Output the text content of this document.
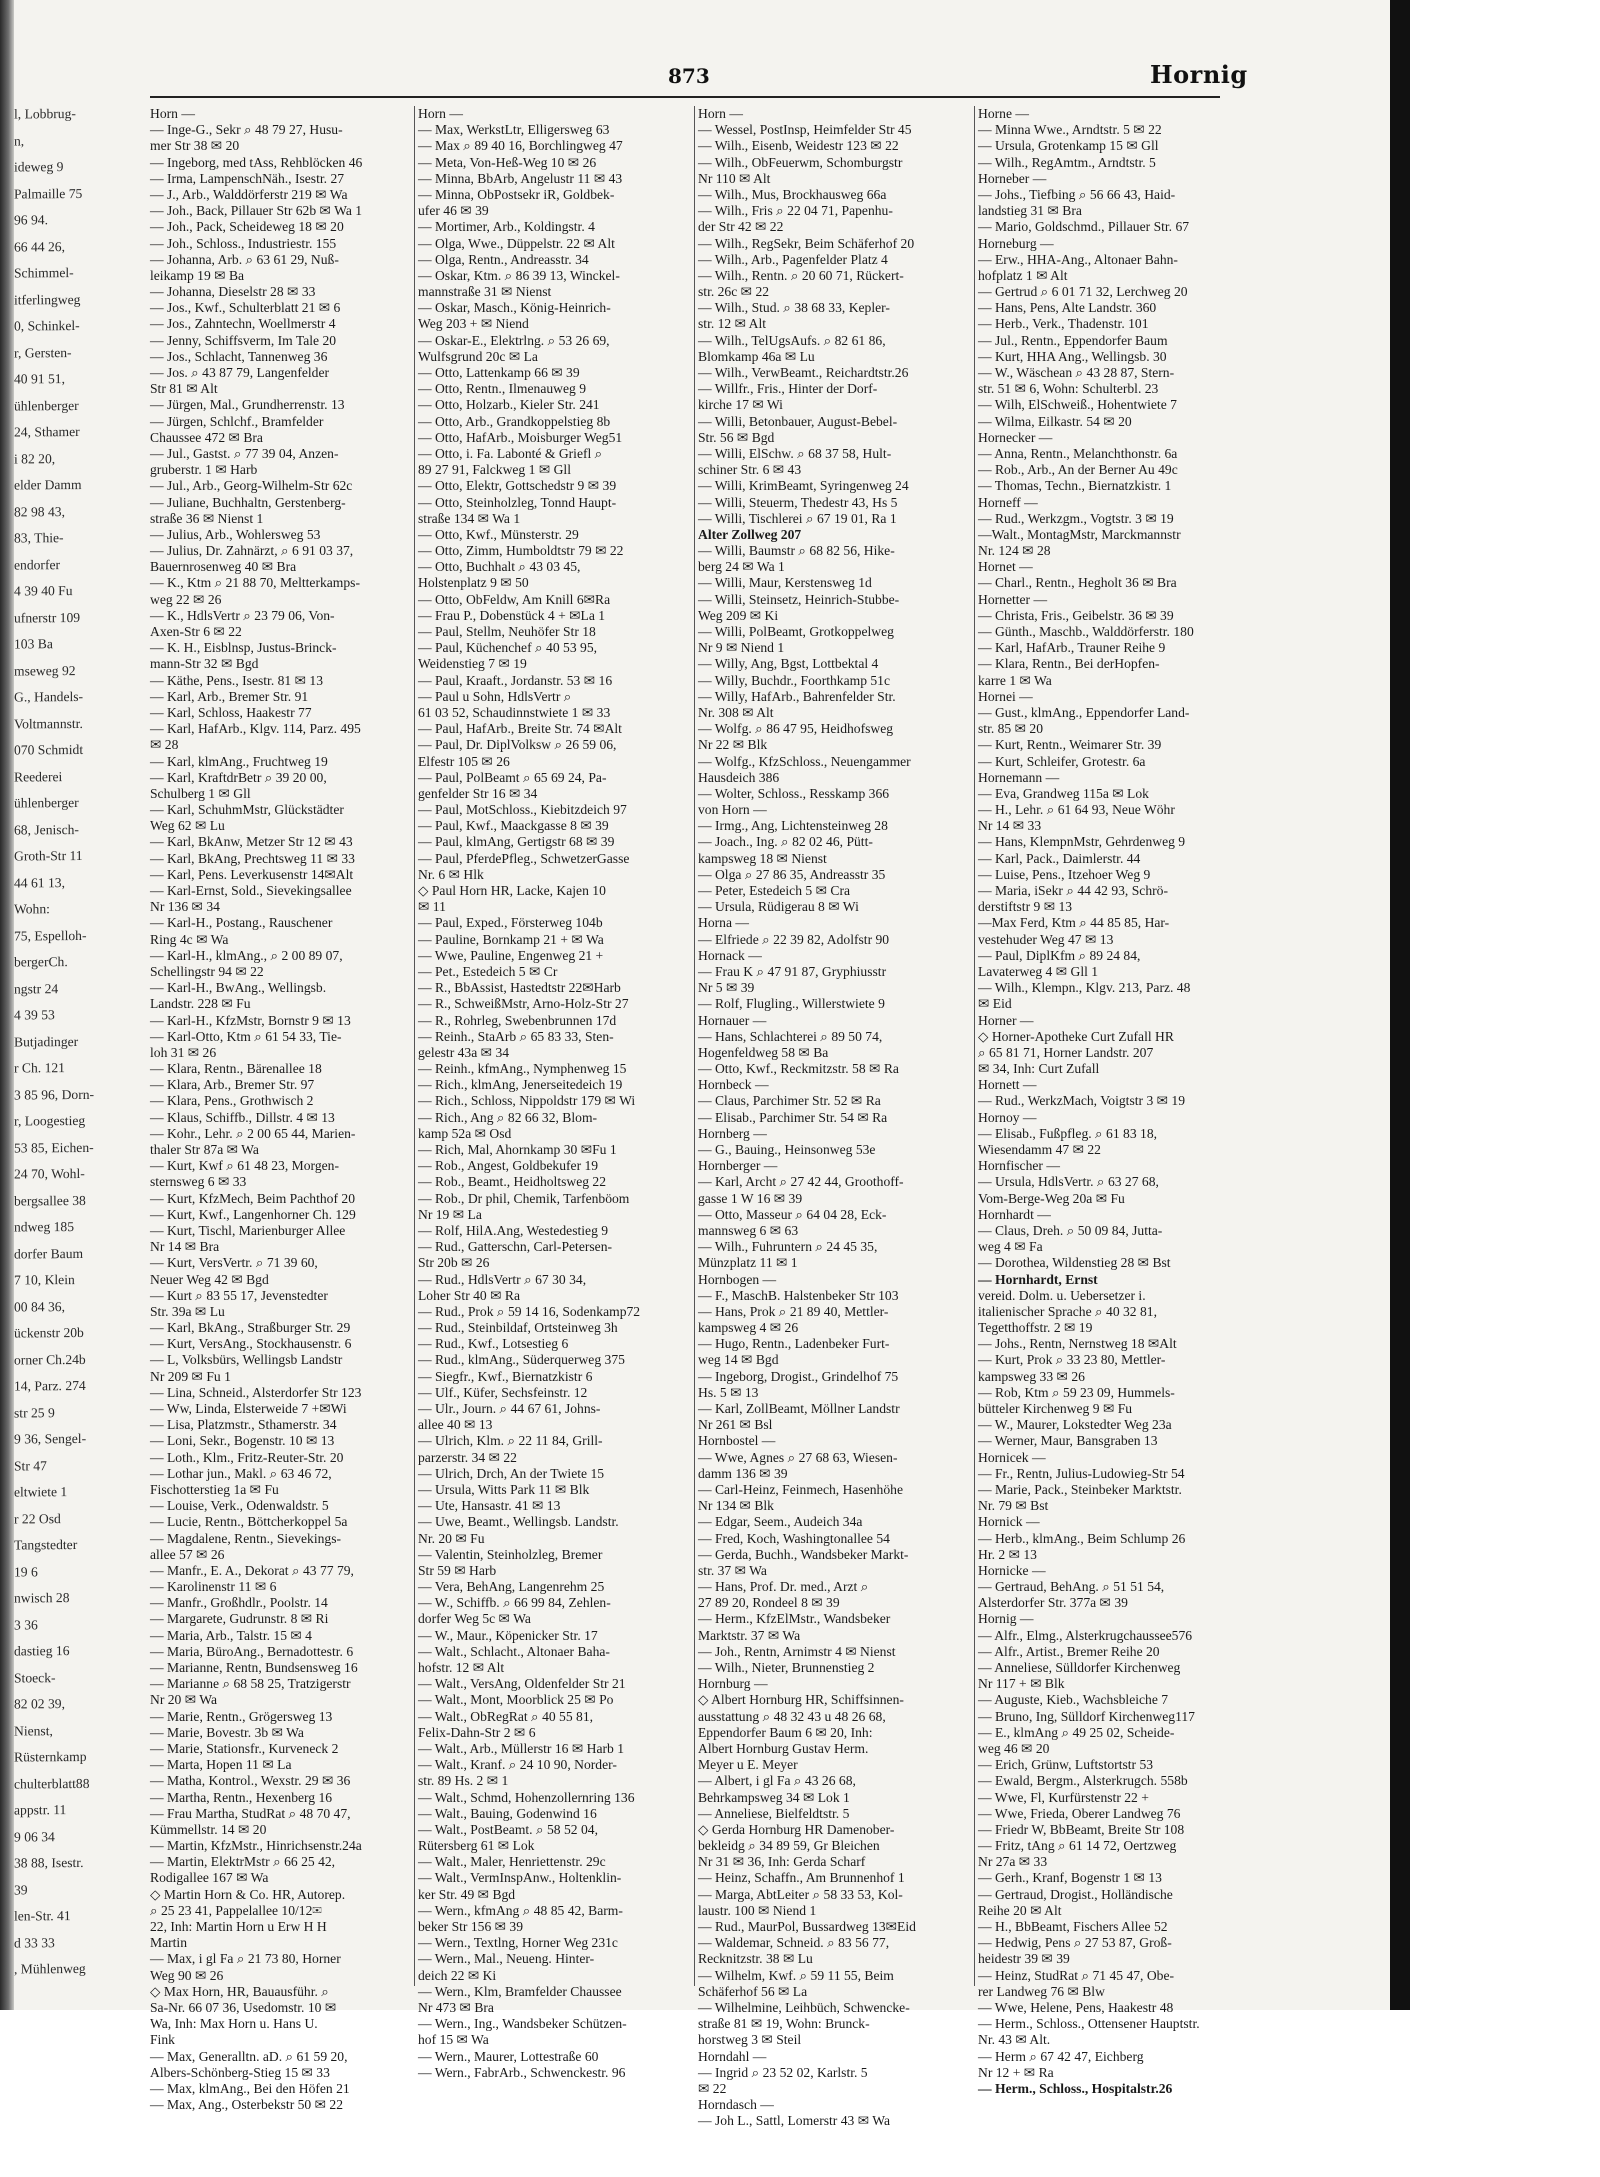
l, Lobbrug-
n,
ideweg 9
Palmaille 75
96 94.
66 44 26,
Schimmel-
itferlingweg
0, Schinkel-
r, Gersten-
40 91 51,
ühlenberger
24, Sthamer
i 82 20,
elder Damm
82 98 43,
83, Thie-
endorfer
4 39 40 Fu
ufnerstr 109
103 Ba
mseweg 92
G., Handels-
Voltmannstr.
070 Schmidt
Reederei
ühlenberger
68, Jenisch-
Groth-Str 11
44 61 13,
Wohn:
75, Espelloh-
bergerCh.
ngstr 24
4 39 53
Butjadinger
r Ch. 121
3 85 96, Dorn-
r, Loogestieg
53 85, Eichen-
24 70, Wohl-
bergsallee 38
ndweg 185
dorfer Baum
7 10, Klein
00 84 36,
ückenstr 20b
orner Ch.24b
14, Parz. 274
str 25 9
9 36, Sengel-
Str 47
eltwiete 1
r 22 Osd
Tangstedter
19 6
nwisch 28
3 36
dastieg 16
Stoeck-
82 02 39,
Nienst,
Rüsternkamp
chulterblatt88
appstr. 11
9 06 34
38 88, Isestr.
39
len-Str. 41
d 33 33
, Mühlenweg
873	Hornig
Horn —
— Inge-G., Sekr ⌕ 48 79 27, Husu-
mer Str 38 ✉ 20
— Ingeborg, med tAss, Rehblöcken 46
— Irma, LampenschNäh., Isestr. 27
— J., Arb., Walddörferstr 219 ✉ Wa
— Joh., Back, Pillauer Str 62b ✉ Wa 1
— Joh., Pack, Scheideweg 18 ✉ 20
— Joh., Schloss., Industriestr. 155
— Johanna, Arb. ⌕ 63 61 29, Nuß-
leikamp 19 ✉ Ba
— Johanna, Dieselstr 28 ✉ 33
— Jos., Kwf., Schulterblatt 21 ✉ 6
— Jos., Zahntechn, Woellmerstr 4
— Jenny, Schiffsverm, Im Tale 20
— Jos., Schlacht, Tannenweg 36
— Jos. ⌕ 43 87 79, Langenfelder
Str 81 ✉ Alt
— Jürgen, Mal., Grundherrenstr. 13
— Jürgen, Schlchf., Bramfelder
Chaussee 472 ✉ Bra
— Jul., Gastst. ⌕ 77 39 04, Anzen-
gruberstr. 1 ✉ Harb
— Jul., Arb., Georg-Wilhelm-Str 62c
— Juliane, Buchhaltn, Gerstenberg-
straße 36 ✉ Nienst 1
— Julius, Arb., Wohlersweg 53
— Julius, Dr. Zahnärzt, ⌕ 6 91 03 37,
Bauernrosenweg 40 ✉ Bra
— K., Ktm ⌕ 21 88 70, Meltterkamps-
weg 22 ✉ 26
— K., HdlsVertr ⌕ 23 79 06, Von-
Axen-Str 6 ✉ 22
— K. H., Eisblnsp, Justus-Brinck-
mann-Str 32 ✉ Bgd
— Käthe, Pens., Isestr. 81 ✉ 13
— Karl, Arb., Bremer Str. 91
— Karl, Schloss, Haakestr 77
— Karl, HafArb., Klgv. 114, Parz. 495
✉ 28
— Karl, klmAng., Fruchtweg 19
— Karl, KraftdrBetr ⌕ 39 20 00,
Schulberg 1 ✉ Gll
— Karl, SchuhmMstr, Glückstädter
Weg 62 ✉ Lu
— Karl, BkAnw, Metzer Str 12 ✉ 43
— Karl, BkAng, Prechtsweg 11 ✉ 33
— Karl, Pens. Leverkusenstr 14✉Alt
— Karl-Ernst, Sold., Sievekingsallee
Nr 136 ✉ 34
— Karl-H., Postang., Rauschener
Ring 4c ✉ Wa
— Karl-H., klmAng., ⌕ 2 00 89 07,
Schellingstr 94 ✉ 22
— Karl-H., BwAng., Wellingsb.
Landstr. 228 ✉ Fu
— Karl-H., KfzMstr, Bornstr 9 ✉ 13
— Karl-Otto, Ktm ⌕ 61 54 33, Tie-
loh 31 ✉ 26
— Klara, Rentn., Bärenallee 18
— Klara, Arb., Bremer Str. 97
— Klara, Pens., Grothwisch 2
— Klaus, Schiffb., Dillstr. 4 ✉ 13
— Kohr., Lehr. ⌕ 2 00 65 44, Marien-
thaler Str 87a ✉ Wa
— Kurt, Kwf ⌕ 61 48 23, Morgen-
sternsweg 6 ✉ 33
— Kurt, KfzMech, Beim Pachthof 20
— Kurt, Kwf., Langenhorner Ch. 129
— Kurt, Tischl, Marienburger Allee
Nr 14 ✉ Bra
— Kurt, VersVertr. ⌕ 71 39 60,
Neuer Weg 42 ✉ Bgd
— Kurt ⌕ 83 55 17, Jevenstedter
Str. 39a ✉ Lu
— Karl, BkAng., Straßburger Str. 29
— Kurt, VersAng., Stockhausenstr. 6
— L, Volksbürs, Wellingsb Landstr
Nr 209 ✉ Fu 1
— Lina, Schneid., Alsterdorfer Str 123
— Ww, Linda, Elsterweide 7 +✉Wi
— Lisa, Platzmstr., Sthamerstr. 34
— Loni, Sekr., Bogenstr. 10 ✉ 13
— Loth., Klm., Fritz-Reuter-Str. 20
— Lothar jun., Makl. ⌕ 63 46 72,
Fischotterstieg 1a ✉ Fu
— Louise, Verk., Odenwaldstr. 5
— Lucie, Rentn., Böttcherkoppel 5a
— Magdalene, Rentn., Sievekings-
allee 57 ✉ 26
— Manfr., E. A., Dekorat ⌕ 43 77 79,
— Karolinenstr 11 ✉ 6
— Manfr., Großhdlr., Poolstr. 14
— Margarete, Gudrunstr. 8 ✉ Ri
— Maria, Arb., Talstr. 15 ✉ 4
— Maria, BüroAng., Bernadottestr. 6
— Marianne, Rentn, Bundsensweg 16
— Marianne ⌕ 68 58 25, Tratzigerstr
Nr 20 ✉ Wa
— Marie, Rentn., Grögersweg 13
— Marie, Bovestr. 3b ✉ Wa
— Marie, Stationsfr., Kurveneck 2
— Marta, Hopen 11 ✉ La
— Matha, Kontrol., Wexstr. 29 ✉ 36
— Martha, Rentn., Hexenberg 16
— Frau Martha, StudRat ⌕ 48 70 47,
Kümmellstr. 14 ✉ 20
— Martin, KfzMstr., Hinrichsenstr.24a
— Martin, ElektrMstr ⌕ 66 25 42,
Rodigallee 167 ✉ Wa
◇ Martin Horn & Co. HR, Autorep.
⌕ 25 23 41, Pappelallee 10/12✉
22, Inh: Martin Horn u Erw H H
Martin
— Max, i gl Fa ⌕ 21 73 80, Horner
Weg 90 ✉ 26
◇ Max Horn, HR, Bauausführ. ⌕
Sa-Nr. 66 07 36, Usedomstr. 10 ✉
Wa, Inh: Max Horn u. Hans U.
Fink
— Max, Generalltn. aD. ⌕ 61 59 20,
Albers-Schönberg-Stieg 15 ✉ 33
— Max, klmAng., Bei den Höfen 21
— Max, Ang., Osterbekstr 50 ✉ 22
Horn —
— Max, WerkstLtr, Elligersweg 63
— Max ⌕ 89 40 16, Borchlingweg 47
— Meta, Von-Heß-Weg 10 ✉ 26
— Minna, BbArb, Angelustr 11 ✉ 43
— Minna, ObPostsekr iR, Goldbek-
ufer 46 ✉ 39
— Mortimer, Arb., Koldingstr. 4
— Olga, Wwe., Düppelstr. 22 ✉ Alt
— Olga, Rentn., Andreasstr. 34
— Oskar, Ktm. ⌕ 86 39 13, Winckel-
mannstraße 31 ✉ Nienst
— Oskar, Masch., König-Heinrich-
Weg 203 + ✉ Niend
— Oskar-E., Elektrlng. ⌕ 53 26 69,
Wulfsgrund 20c ✉ La
— Otto, Lattenkamp 66 ✉ 39
— Otto, Rentn., Ilmenauweg 9
— Otto, Holzarb., Kieler Str. 241
— Otto, Arb., Grandkoppelstieg 8b
— Otto, HafArb., Moisburger Weg51
— Otto, i. Fa. Labonté & Griefl ⌕
89 27 91, Falckweg 1 ✉ Gll
— Otto, Elektr, Gottschedstr 9 ✉ 39
— Otto, Steinholzleg, Tonnd Haupt-
straße 134 ✉ Wa 1
— Otto, Kwf., Münsterstr. 29
— Otto, Zimm, Humboldtstr 79 ✉ 22
— Otto, Buchhalt ⌕ 43 03 45,
Holstenplatz 9 ✉ 50
— Otto, ObFeldw, Am Knill 6✉Ra
— Frau P., Dobenstück 4 + ✉La 1
— Paul, Stellm, Neuhöfer Str 18
— Paul, Küchenchef ⌕ 40 53 95,
Weidenstieg 7 ✉ 19
— Paul, Kraaft., Jordanstr. 53 ✉ 16
— Paul u Sohn, HdlsVertr ⌕
61 03 52, Schaudinnstwiete 1 ✉ 33
— Paul, HafArb., Breite Str. 74 ✉Alt
— Paul, Dr. DiplVolksw ⌕ 26 59 06,
Elfestr 105 ✉ 26
— Paul, PolBeamt ⌕ 65 69 24, Pa-
genfelder Str 16 ✉ 34
— Paul, MotSchloss., Kiebitzdeich 97
— Paul, Kwf., Maackgasse 8 ✉ 39
— Paul, klmAng, Gertigstr 68 ✉ 39
— Paul, PferdePfleg., SchwetzerGasse
Nr. 6 ✉ Hlk
◇ Paul Horn HR, Lacke, Kajen 10
✉ 11
— Paul, Exped., Försterweg 104b
— Pauline, Bornkamp 21 + ✉ Wa
— Wwe, Pauline, Engenweg 21 +
— Pet., Estedeich 5 ✉ Cr
— R., BbAssist, Hastedtstr 22✉Harb
— R., SchweißMstr, Arno-Holz-Str 27
— R., Rohrleg, Swebenbrunnen 17d
— Reinh., StaArb ⌕ 65 83 33, Sten-
gelestr 43a ✉ 34
— Reinh., kfmAng., Nymphenweg 15
— Rich., klmAng, Jenerseitedeich 19
— Rich., Schloss, Nippoldstr 179 ✉ Wi
— Rich., Ang ⌕ 82 66 32, Blom-
kamp 52a ✉ Osd
— Rich, Mal, Ahornkamp 30 ✉Fu 1
— Rob., Angest, Goldbekufer 19
— Rob., Beamt., Heidholtsweg 22
— Rob., Dr phil, Chemik, Tarfenböom
Nr 19 ✉ La
— Rolf, HilA.Ang, Westedestieg 9
— Rud., Gatterschn, Carl-Petersen-
Str 20b ✉ 26
— Rud., HdlsVertr ⌕ 67 30 34,
Loher Str 40 ✉ Ra
— Rud., Prok ⌕ 59 14 16, Sodenkamp72
— Rud., Steinbildaf, Ortsteinweg 3h
— Rud., Kwf., Lotsestieg 6
— Rud., klmAng., Süderquerweg 375
— Siegfr., Kwf., Biernatzkistr 6
— Ulf., Küfer, Sechsfeinstr. 12
— Ulr., Journ. ⌕ 44 67 61, Johns-
allee 40 ✉ 13
— Ulrich, Klm. ⌕ 22 11 84, Grill-
parzerstr. 34 ✉ 22
— Ulrich, Drch, An der Twiete 15
— Ursula, Witts Park 11 ✉ Blk
— Ute, Hansastr. 41 ✉ 13
— Uwe, Beamt., Wellingsb. Landstr.
Nr. 20 ✉ Fu
— Valentin, Steinholzleg, Bremer
Str 59 ✉ Harb
— Vera, BehAng, Langenrehm 25
— W., Schiffb. ⌕ 66 99 84, Zehlen-
dorfer Weg 5c ✉ Wa
— W., Maur., Köpenicker Str. 17
— Walt., Schlacht., Altonaer Baha-
hofstr. 12 ✉ Alt
— Walt., VersAng, Oldenfelder Str 21
— Walt., Mont, Moorblick 25 ✉ Po
— Walt., ObRegRat ⌕ 40 55 81,
Felix-Dahn-Str 2 ✉ 6
— Walt., Arb., Müllerstr 16 ✉ Harb 1
— Walt., Kranf. ⌕ 24 10 90, Norder-
str. 89 Hs. 2 ✉ 1
— Walt., Schmd, Hohenzollernring 136
— Walt., Bauing, Godenwind 16
— Walt., PostBeamt. ⌕ 58 52 04,
Rütersberg 61 ✉ Lok
— Walt., Maler, Henriettenstr. 29c
— Walt., VermInspAnw., Holtenklin-
ker Str. 49 ✉ Bgd
— Wern., kfmAng ⌕ 48 85 42, Barm-
beker Str 156 ✉ 39
— Wern., Textlng, Horner Weg 231c
— Wern., Mal., Neueng. Hinter-
deich 22 ✉ Ki
— Wern., Klm, Bramfelder Chaussee
Nr 473 ✉ Bra
— Wern., Ing., Wandsbeker Schützen-
hof 15 ✉ Wa
— Wern., Maurer, Lottestraße 60
— Wern., FabrArb., Schwenckestr. 96
Horn —
— Wessel, PostInsp, Heimfelder Str 45
— Wilh., Eisenb, Weidestr 123 ✉ 22
— Wilh., ObFeuerwm, Schomburgstr
Nr 110 ✉ Alt
— Wilh., Mus, Brockhausweg 66a
— Wilh., Fris ⌕ 22 04 71, Papenhu-
der Str 42 ✉ 22
— Wilh., RegSekr, Beim Schäferhof 20
— Wilh., Arb., Pagenfelder Platz 4
— Wilh., Rentn. ⌕ 20 60 71, Rückert-
str. 26c ✉ 22
— Wilh., Stud. ⌕ 38 68 33, Kepler-
str. 12 ✉ Alt
— Wilh., TelUgsAufs. ⌕ 82 61 86,
Blomkamp 46a ✉ Lu
— Wilh., VerwBeamt., Reichardtstr.26
— Willfr., Fris., Hinter der Dorf-
kirche 17 ✉ Wi
— Willi, Betonbauer, August-Bebel-
Str. 56 ✉ Bgd
— Willi, ElSchw. ⌕ 68 37 58, Hult-
schiner Str. 6 ✉ 43
— Willi, KrimBeamt, Syringenweg 24
— Willi, Steuerm, Thedestr 43, Hs 5
— Willi, Tischlerei ⌕ 67 19 01, Ra 1
Alter Zollweg 207
— Willi, Baumstr ⌕ 68 82 56, Hike-
berg 24 ✉ Wa 1
— Willi, Maur, Kerstensweg 1d
— Willi, Steinsetz, Heinrich-Stubbe-
Weg 209 ✉ Ki
— Willi, PolBeamt, Grotkoppelweg
Nr 9 ✉ Niend 1
— Willy, Ang, Bgst, Lottbektal 4
— Willy, Buchdr., Foorthkamp 51c
— Willy, HafArb., Bahrenfelder Str.
Nr. 308 ✉ Alt
— Wolfg. ⌕ 86 47 95, Heidhofsweg
Nr 22 ✉ Blk
— Wolfg., KfzSchloss., Neuengammer
Hausdeich 386
— Wolter, Schloss., Resskamp 366
von Horn —
— Irmg., Ang, Lichtensteinweg 28
— Joach., Ing. ⌕ 82 02 46, Pütt-
kampsweg 18 ✉ Nienst
— Olga ⌕ 27 86 35, Andreasstr 35
— Peter, Estedeich 5 ✉ Cra
— Ursula, Rüdigerau 8 ✉ Wi
Horna —
— Elfriede ⌕ 22 39 82, Adolfstr 90
Hornack —
— Frau K ⌕ 47 91 87, Gryphiusstr
Nr 5 ✉ 39
— Rolf, Flugling., Willerstwiete 9
Hornauer —
— Hans, Schlachterei ⌕ 89 50 74,
Hogenfeldweg 58 ✉ Ba
— Otto, Kwf., Reckmitzstr. 58 ✉ Ra
Hornbeck —
— Claus, Parchimer Str. 52 ✉ Ra
— Elisab., Parchimer Str. 54 ✉ Ra
Hornberg —
— G., Bauing., Heinsonweg 53e
Hornberger —
— Karl, Archt ⌕ 27 42 44, Groothoff-
gasse 1 W 16 ✉ 39
— Otto, Masseur ⌕ 64 04 28, Eck-
mannsweg 6 ✉ 63
— Wilh., Fuhruntern ⌕ 24 45 35,
Münzplatz 11 ✉ 1
Hornbogen —
— F., MaschB. Halstenbeker Str 103
— Hans, Prok ⌕ 21 89 40, Mettler-
kampsweg 4 ✉ 26
— Hugo, Rentn., Ladenbeker Furt-
weg 14 ✉ Bgd
— Ingeborg, Drogist., Grindelhof 75
Hs. 5 ✉ 13
— Karl, ZollBeamt, Möllner Landstr
Nr 261 ✉ Bsl
Hornbostel —
— Wwe, Agnes ⌕ 27 68 63, Wiesen-
damm 136 ✉ 39
— Carl-Heinz, Feinmech, Hasenhöhe
Nr 134 ✉ Blk
— Edgar, Seem., Audeich 34a
— Fred, Koch, Washingtonallee 54
— Gerda, Buchh., Wandsbeker Markt-
str. 37 ✉ Wa
— Hans, Prof. Dr. med., Arzt ⌕
27 89 20, Rondeel 8 ✉ 39
— Herm., KfzElMstr., Wandsbeker
Marktstr. 37 ✉ Wa
— Joh., Rentn, Arnimstr 4 ✉ Nienst
— Wilh., Nieter, Brunnenstieg 2
Hornburg —
◇ Albert Hornburg HR, Schiffsinnen-
ausstattung ⌕ 48 32 43 u 48 26 68,
Eppendorfer Baum 6 ✉ 20, Inh:
Albert Hornburg Gustav Herm.
Meyer u E. Meyer
— Albert, i gl Fa ⌕ 43 26 68,
Behrkampsweg 34 ✉ Lok 1
— Anneliese, Bielfeldtstr. 5
◇ Gerda Hornburg HR Damenober-
bekleidg ⌕ 34 89 59, Gr Bleichen
Nr 31 ✉ 36, Inh: Gerda Scharf
— Heinz, Schaffn., Am Brunnenhof 1
— Marga, AbtLeiter ⌕ 58 33 53, Kol-
laustr. 100 ✉ Niend 1
— Rud., MaurPol, Bussardweg 13✉Eid
— Waldemar, Schneid. ⌕ 83 56 77,
Recknitzstr. 38 ✉ Lu
— Wilhelm, Kwf. ⌕ 59 11 55, Beim
Schäferhof 56 ✉ La
— Wilhelmine, Leihbüch, Schwencke-
straße 81 ✉ 19, Wohn: Brunck-
horstweg 3 ✉ Steil
Horndahl —
— Ingrid ⌕ 23 52 02, Karlstr. 5
✉ 22
Horndasch —
— Joh L., Sattl, Lomerstr 43 ✉ Wa
Horne —
— Minna Wwe., Arndtstr. 5 ✉ 22
— Ursula, Grotenkamp 15 ✉ Gll
— Wilh., RegAmtm., Arndtstr. 5
Horneber —
— Johs., Tiefbing ⌕ 56 66 43, Haid-
landstieg 31 ✉ Bra
— Mario, Goldschmd., Pillauer Str. 67
Horneburg —
— Erw., HHA-Ang., Altonaer Bahn-
hofplatz 1 ✉ Alt
— Gertrud ⌕ 6 01 71 32, Lerchweg 20
— Hans, Pens, Alte Landstr. 360
— Herb., Verk., Thadenstr. 101
— Jul., Rentn., Eppendorfer Baum
— Kurt, HHA Ang., Wellingsb. 30
— W., Wäschean ⌕ 43 28 87, Stern-
str. 51 ✉ 6, Wohn: Schulterbl. 23
— Wilh, ElSchweiß., Hohentwiete 7
— Wilma, Eilkastr. 54 ✉ 20
Hornecker —
— Anna, Rentn., Melanchthonstr. 6a
— Rob., Arb., An der Berner Au 49c
— Thomas, Techn., Biernatzkistr. 1
Horneff —
— Rud., Werkzgm., Vogtstr. 3 ✉ 19
—Walt., MontagMstr, Marckmannstr
Nr. 124 ✉ 28
Hornet —
— Charl., Rentn., Hegholt 36 ✉ Bra
Hornetter —
— Christa, Fris., Geibelstr. 36 ✉ 39
— Günth., Maschb., Walddörferstr. 180
— Karl, HafArb., Trauner Reihe 9
— Klara, Rentn., Bei derHopfen-
karre 1 ✉ Wa
Hornei —
— Gust., klmAng., Eppendorfer Land-
str. 85 ✉ 20
— Kurt, Rentn., Weimarer Str. 39
— Kurt, Schleifer, Grotestr. 6a
Hornemann —
— Eva, Grandweg 115a ✉ Lok
— H., Lehr. ⌕ 61 64 93, Neue Wöhr
Nr 14 ✉ 33
— Hans, KlempnMstr, Gehrdenweg 9
— Karl, Pack., Daimlerstr. 44
— Luise, Pens., Itzehoer Weg 9
— Maria, iSekr ⌕ 44 42 93, Schrö-
derstiftstr 9 ✉ 13
—Max Ferd, Ktm ⌕ 44 85 85, Har-
vestehuder Weg 47 ✉ 13
— Paul, DiplKfm ⌕ 89 24 84,
Lavaterweg 4 ✉ Gll 1
— Wilh., Klempn., Klgv. 213, Parz. 48
✉ Eid
Horner —
◇ Horner-Apotheke Curt Zufall HR
⌕ 65 81 71, Horner Landstr. 207
✉ 34, Inh: Curt Zufall
Hornett —
— Rud., WerkzMach, Voigtstr 3 ✉ 19
Hornoy —
— Elisab., Fußpfleg. ⌕ 61 83 18,
Wiesendamm 47 ✉ 22
Hornfischer —
— Ursula, HdlsVertr. ⌕ 63 27 68,
Vom-Berge-Weg 20a ✉ Fu
Hornhardt —
— Claus, Dreh. ⌕ 50 09 84, Jutta-
weg 4 ✉ Fa
— Dorothea, Wildenstieg 28 ✉ Bst
— Hornhardt, Ernst
vereid. Dolm. u. Uebersetzer i.
italienischer Sprache ⌕ 40 32 81,
Tegetthoffstr. 2 ✉ 19
— Johs., Rentn, Nernstweg 18 ✉Alt
— Kurt, Prok ⌕ 33 23 80, Mettler-
kampsweg 33 ✉ 26
— Rob, Ktm ⌕ 59 23 09, Hummels-
bütteler Kirchenweg 9 ✉ Fu
— W., Maurer, Lokstedter Weg 23a
— Werner, Maur, Bansgraben 13
Hornicek —
— Fr., Rentn, Julius-Ludowieg-Str 54
— Marie, Pack., Steinbeker Marktstr.
Nr. 79 ✉ Bst
Hornick —
— Herb., klmAng., Beim Schlump 26
Hr. 2 ✉ 13
Hornicke —
— Gertraud, BehAng. ⌕ 51 51 54,
Alsterdorfer Str. 377a ✉ 39
Hornig —
— Alfr., Elmg., Alsterkrugchaussee576
— Alfr., Artist., Bremer Reihe 20
— Anneliese, Sülldorfer Kirchenweg
Nr 117 + ✉ Blk
— Auguste, Kieb., Wachsbleiche 7
— Bruno, Ing, Sülldorf Kirchenweg117
— E., klmAng ⌕ 49 25 02, Scheide-
weg 46 ✉ 20
— Erich, Grünw, Luftstortstr 53
— Ewald, Bergm., Alsterkrugch. 558b
— Wwe, Fl, Kurfürstenstr 22 +
— Wwe, Frieda, Oberer Landweg 76
— Friedr W, BbBeamt, Breite Str 108
— Fritz, tAng ⌕ 61 14 72, Oertzweg
Nr 27a ✉ 33
— Gerh., Kranf, Bogenstr 1 ✉ 13
— Gertraud, Drogist., Holländische
Reihe 20 ✉ Alt
— H., BbBeamt, Fischers Allee 52
— Hedwig, Pens ⌕ 27 53 87, Groß-
heidestr 39 ✉ 39
— Heinz, StudRat ⌕ 71 45 47, Obe-
rer Landweg 76 ✉ Blw
— Wwe, Helene, Pens, Haakestr 48
— Herm., Schloss., Ottensener Hauptstr.
Nr. 43 ✉ Alt.
— Herm ⌕ 67 42 47, Eichberg
Nr 12 + ✉ Ra
— Herm., Schloss., Hospitalstr.26
